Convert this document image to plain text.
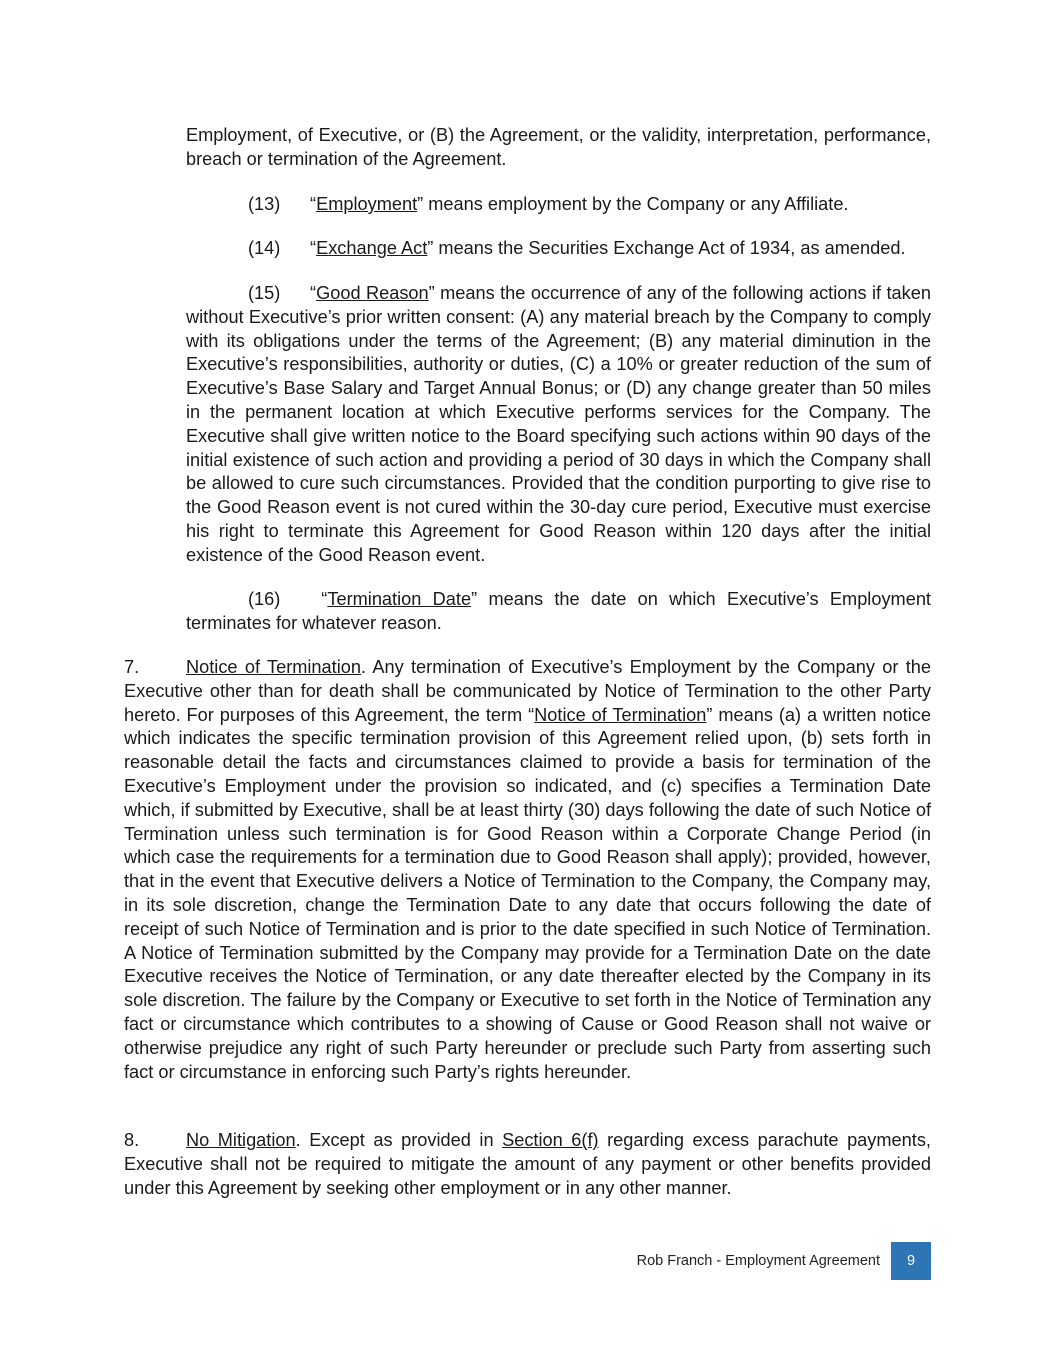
Employment, of Executive, or (B) the Agreement, or the validity, interpretation, performance, breach or termination of the Agreement.

(13) “Employment” means employment by the Company or any Affiliate.

(14) “Exchange Act” means the Securities Exchange Act of 1934, as amended.

(15) “Good Reason” means the occurrence of any of the following actions if taken without Executive’s prior written consent: (A) any material breach by the Company to comply with its obligations under the terms of the Agreement; (B) any material diminution in the Executive’s responsibilities, authority or duties, (C) a 10% or greater reduction of the sum of Executive’s Base Salary and Target Annual Bonus; or (D) any change greater than 50 miles in the permanent location at which Executive performs services for the Company. The Executive shall give written notice to the Board specifying such actions within 90 days of the initial existence of such action and providing a period of 30 days in which the Company shall be allowed to cure such circumstances. Provided that the condition purporting to give rise to the Good Reason event is not cured within the 30-day cure period, Executive must exercise his right to terminate this Agreement for Good Reason within 120 days after the initial existence of the Good Reason event.

(16) “Termination Date” means the date on which Executive’s Employment terminates for whatever reason.

7.	Notice of Termination. Any termination of Executive’s Employment by the Company or the Executive other than for death shall be communicated by Notice of Termination to the other Party hereto. For purposes of this Agreement, the term “Notice of Termination” means (a) a written notice which indicates the specific termination provision of this Agreement relied upon, (b) sets forth in reasonable detail the facts and circumstances claimed to provide a basis for termination of the Executive’s Employment under the provision so indicated, and (c) specifies a Termination Date which, if submitted by Executive, shall be at least thirty (30) days following the date of such Notice of Termination unless such termination is for Good Reason within a Corporate Change Period (in which case the requirements for a termination due to Good Reason shall apply); provided, however, that in the event that Executive delivers a Notice of Termination to the Company, the Company may, in its sole discretion, change the Termination Date to any date that occurs following the date of receipt of such Notice of Termination and is prior to the date specified in such Notice of Termination. A Notice of Termination submitted by the Company may provide for a Termination Date on the date Executive receives the Notice of Termination, or any date thereafter elected by the Company in its sole discretion. The failure by the Company or Executive to set forth in the Notice of Termination any fact or circumstance which contributes to a showing of Cause or Good Reason shall not waive or otherwise prejudice any right of such Party hereunder or preclude such Party from asserting such fact or circumstance in enforcing such Party’s rights hereunder.

8.	No Mitigation. Except as provided in Section 6(f) regarding excess parachute payments, Executive shall not be required to mitigate the amount of any payment or other benefits provided under this Agreement by seeking other employment or in any other manner.

Rob Franch - Employment Agreement	9
